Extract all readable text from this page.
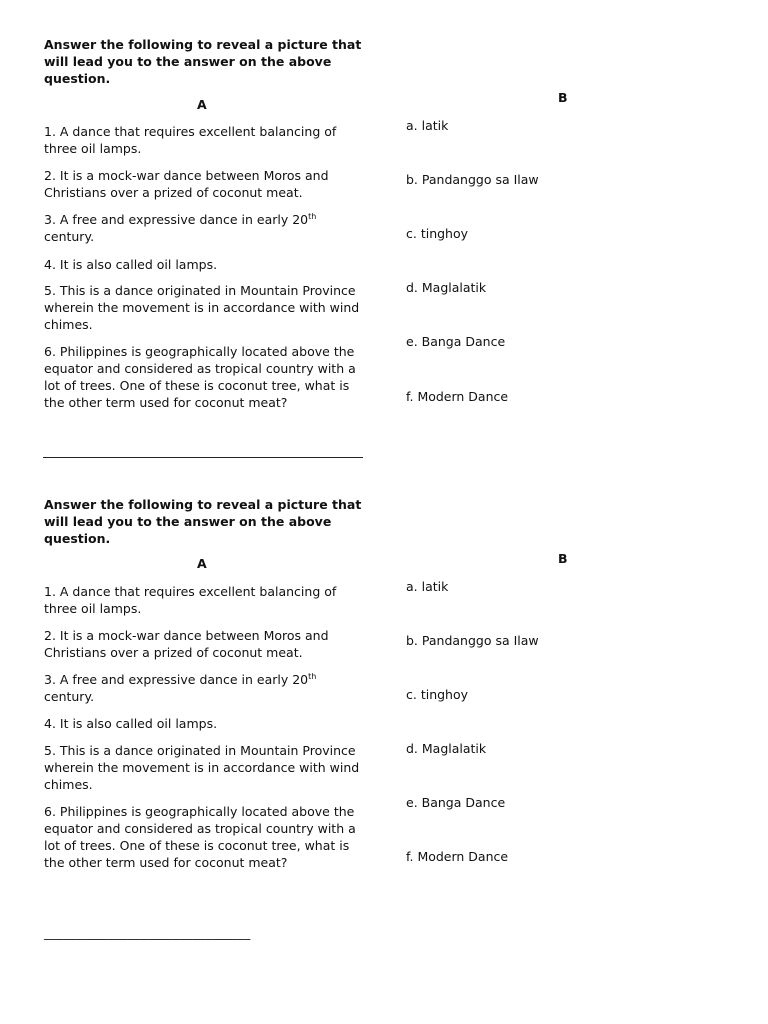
Answer the following to reveal a picture that will lead you to the answer on the above question.
A	B
1. A dance that requires excellent balancing of three oil lamps.
2. It is a mock-war dance between Moros and Christians over a prized of coconut meat.
3. A free and expressive dance in early 20th century.
4. It is also called oil lamps.
5. This is a dance originated in Mountain Province wherein the movement is in accordance with wind chimes.
6. Philippines is geographically located above the equator and considered as tropical country with a lot of trees. One of these is coconut tree, what is the other term used for coconut meat?
a. latik
b. Pandanggo sa Ilaw
c. tinghoy
d. Maglalatik
e. Banga Dance
f. Modern Dance
Answer the following to reveal a picture that will lead you to the answer on the above question.
A	B
1. A dance that requires excellent balancing of three oil lamps.
2. It is a mock-war dance between Moros and Christians over a prized of coconut meat.
3. A free and expressive dance in early 20th century.
4. It is also called oil lamps.
5. This is a dance originated in Mountain Province wherein the movement is in accordance with wind chimes.
6. Philippines is geographically located above the equator and considered as tropical country with a lot of trees. One of these is coconut tree, what is the other term used for coconut meat?
a. latik
b. Pandanggo sa Ilaw
c. tinghoy
d. Maglalatik
e. Banga Dance
f. Modern Dance
________________________________
